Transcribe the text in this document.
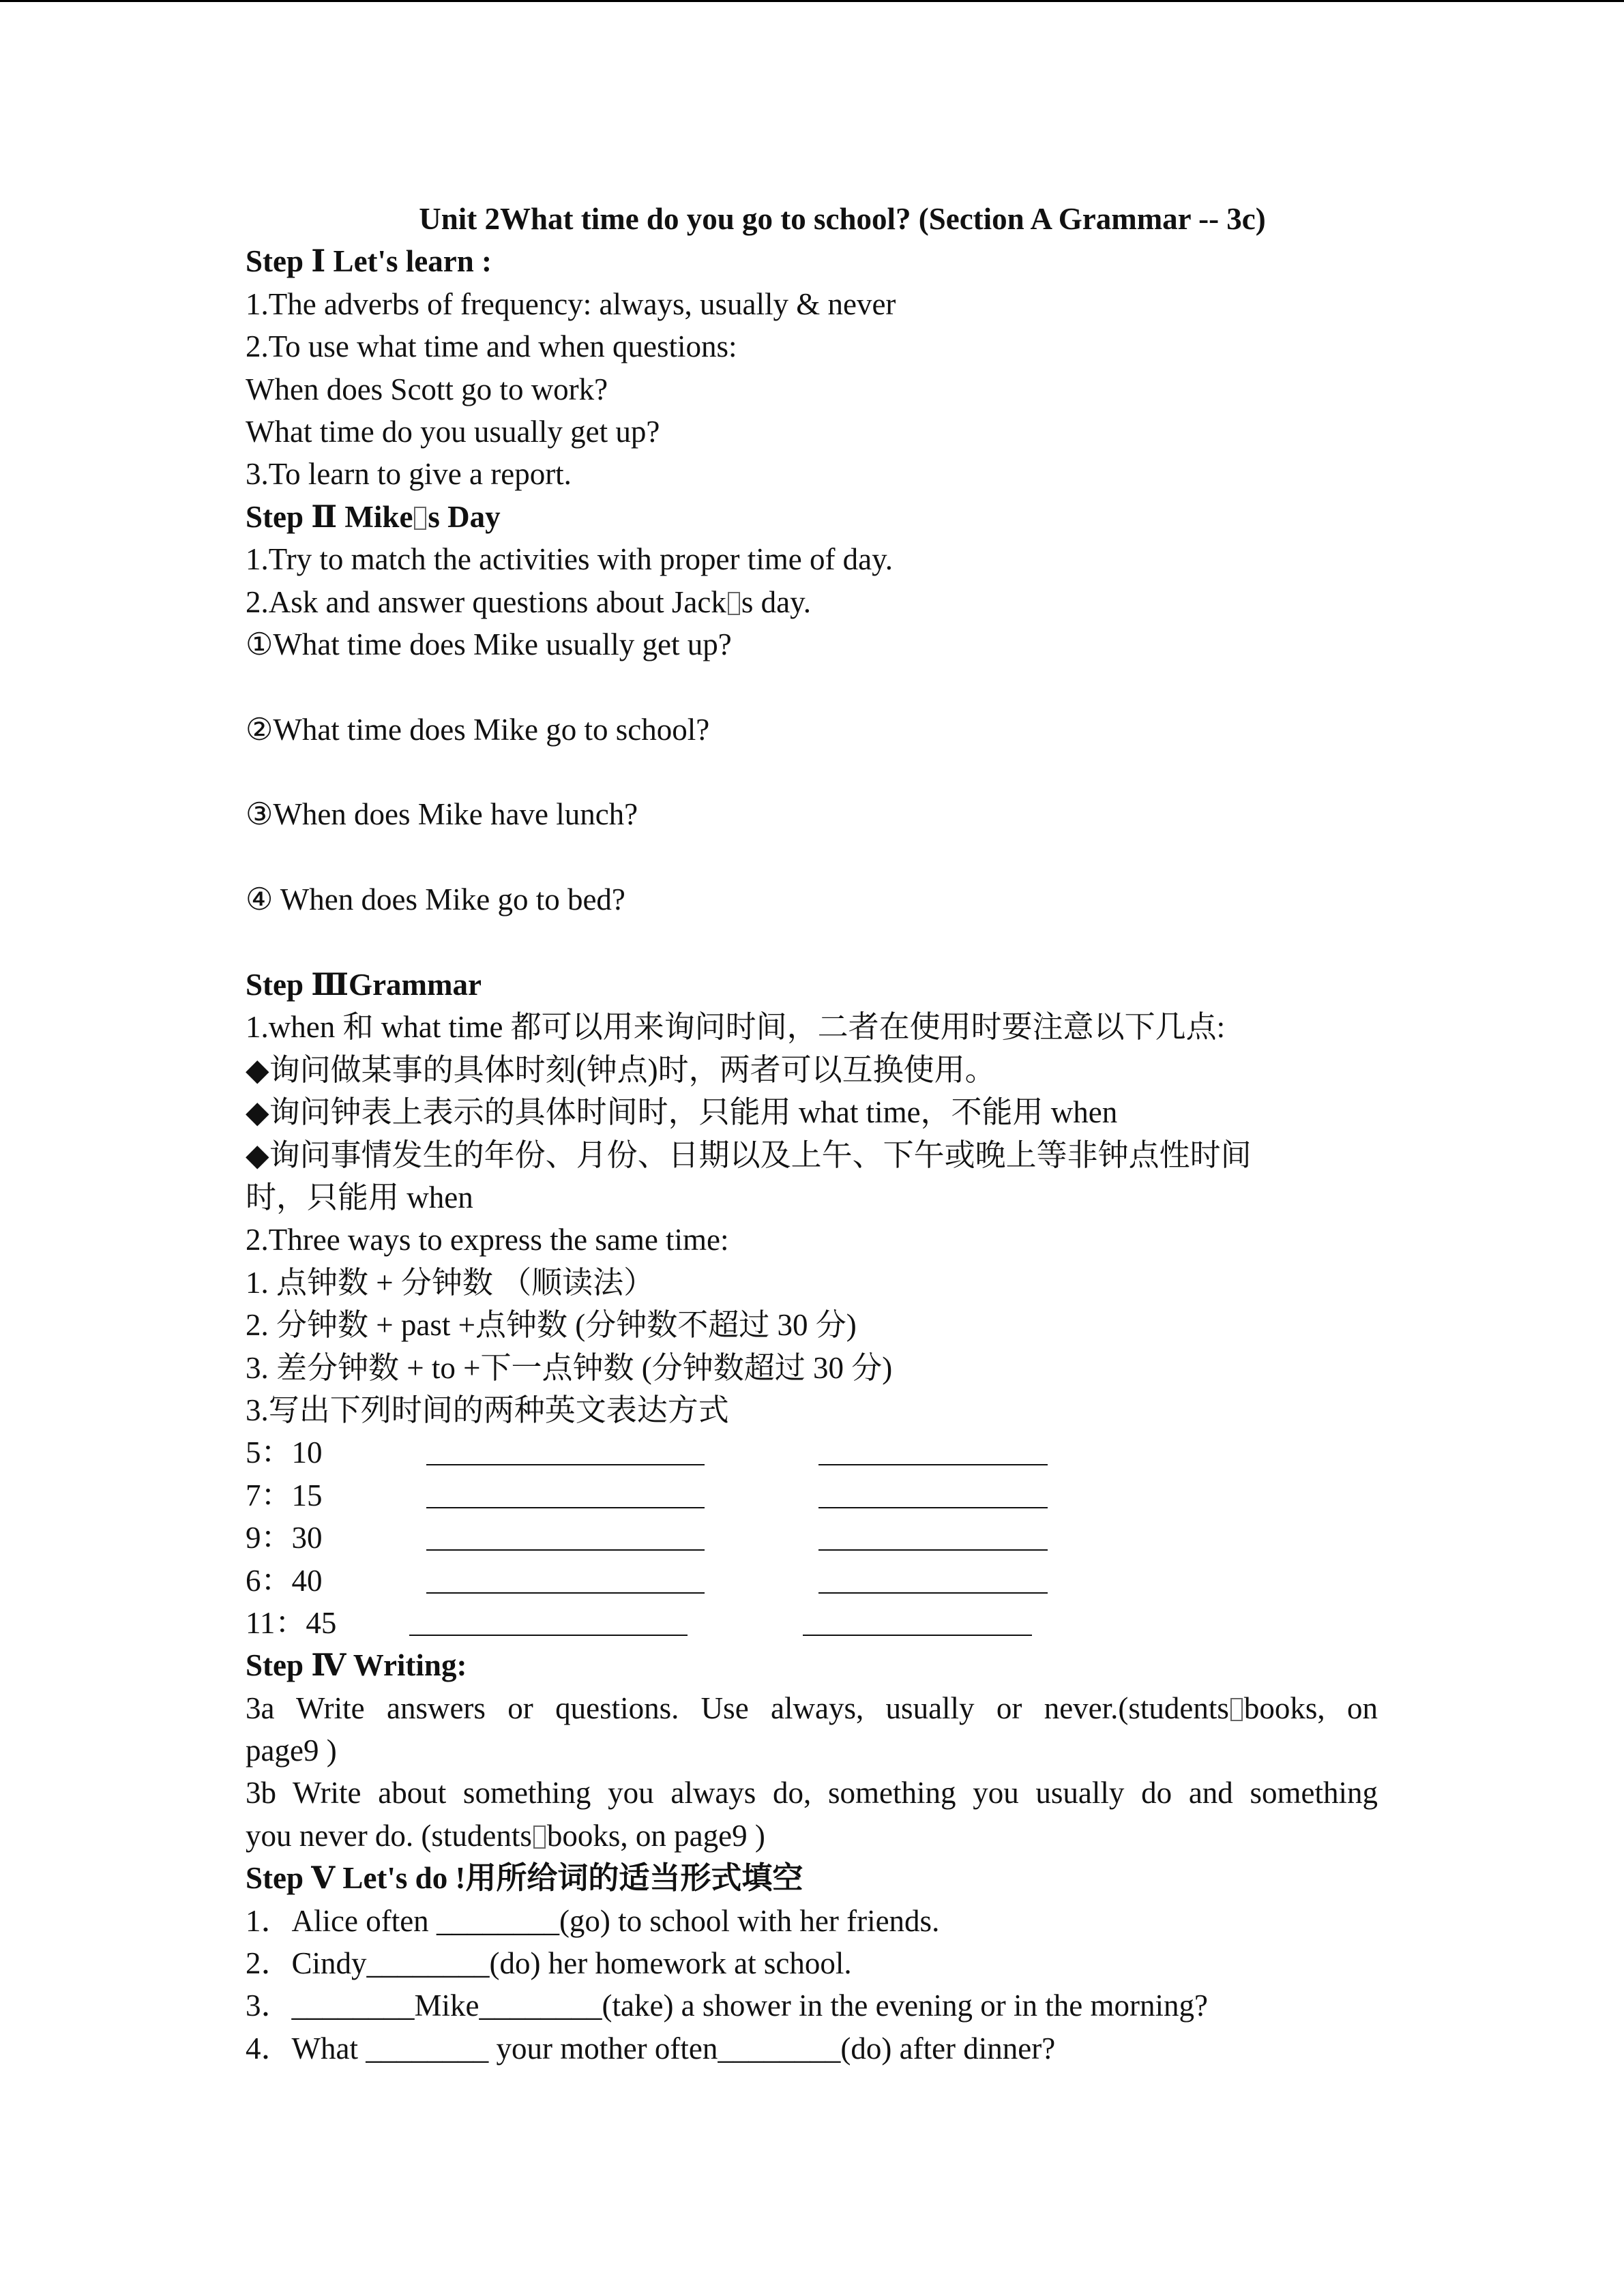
Unit 2What time do you go to school? (Section A Grammar -- 3c)
Step Ⅰ Let's learn :
1.The adverbs of frequency: always, usually & never
2.To use what time and when questions:
When does Scott go to work?
What time do you usually get up?
3.To learn to give a report.
Step Ⅱ Mike s Day
1.Try to match the activities with proper time of day.
2.Ask and answer questions about Jack s day.
①What time does Mike usually get up?
②What time does Mike go to school?
③When does Mike have lunch?
④ When does Mike go to bed?
Step ⅢGrammar
1.when 和 what time 都可以用来询问时间，二者在使用时要注意以下几点:
◆询问做某事的具体时刻(钟点)时，两者可以互换使用。
◆询问钟表上表示的具体时间时，只能用 what time，不能用 when
◆询问事情发生的年份、月份、日期以及上午、下午或晚上等非钟点性时间
时，只能用 when
2.Three ways to express the same time:
1. 点钟数 + 分钟数 （顺读法）
2. 分钟数 + past +点钟数 (分钟数不超过 30 分)
3. 差分钟数 + to +下一点钟数 (分钟数超过 30 分)
3.写出下列时间的两种英文表达方式
5：10
7：15
9：30
6：40
11：45
Step Ⅳ Writing:
3a Write answers or questions. Use always, usually or never.(students books, on
page9 )
3b Write about something you always do, something you usually do and something
you never do. (students books, on page9 )
Step Ⅴ Let's do !用所给词的适当形式填空
1．Alice often ________(go) to school with her friends.
2．Cindy________(do) her homework at school.
3．________Mike________(take) a shower in the evening or in the morning?
4．What ________ your mother often________(do) after dinner?
